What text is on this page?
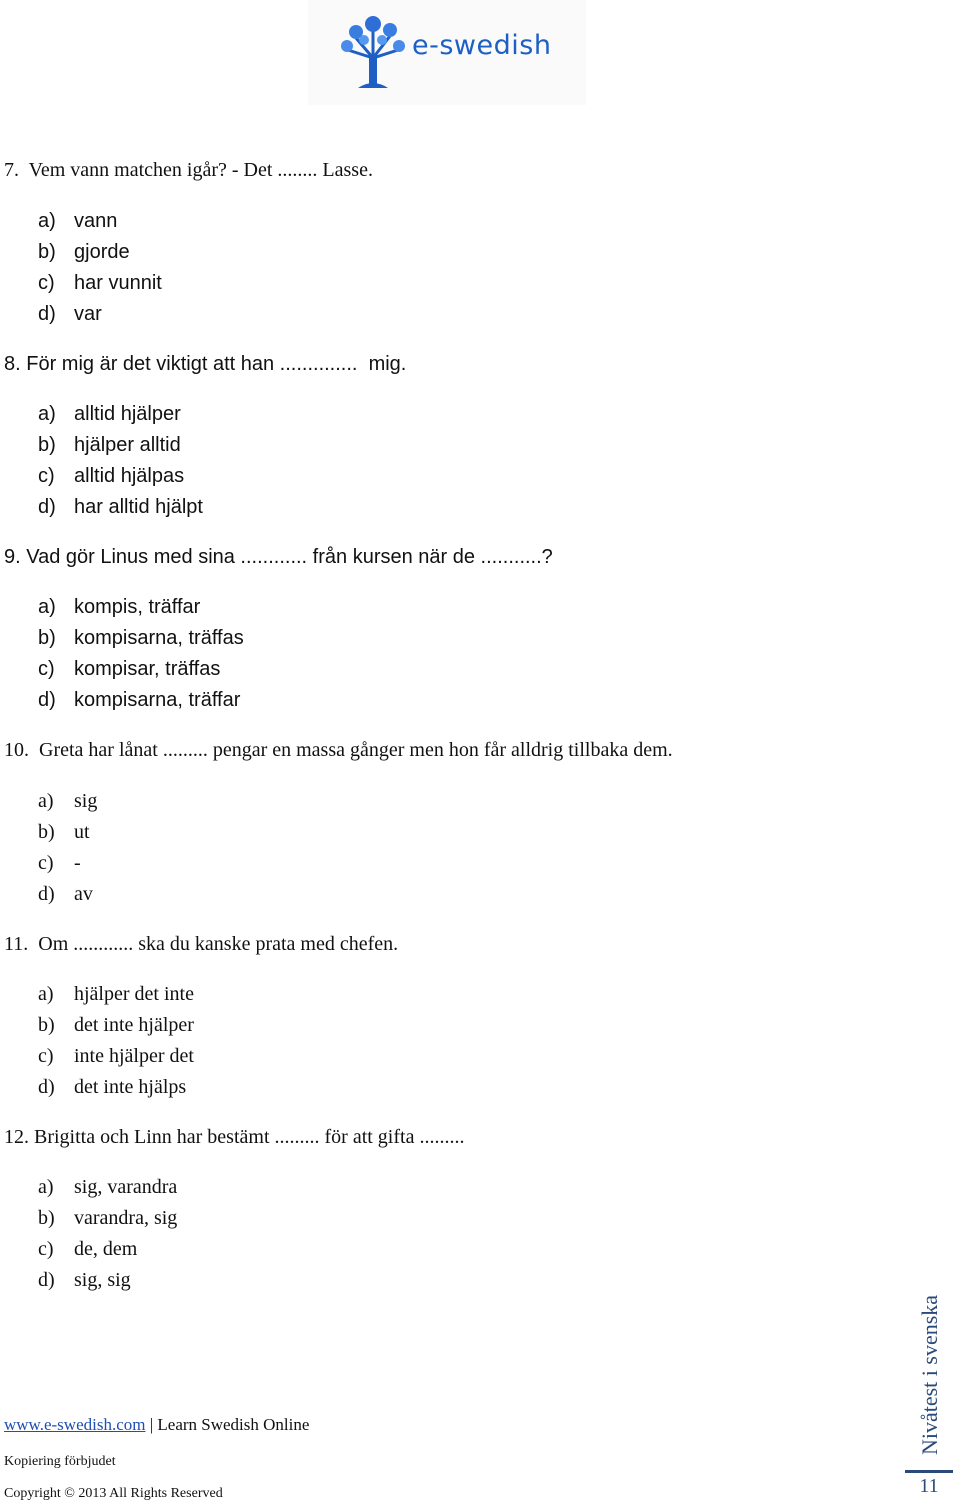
e-swedish
7.  Vem vann matchen igår? - Det ........ Lasse.
a) vann
b) gjorde
c) har vunnit
d) var
8. För mig är det viktigt att han ..............  mig.
a) alltid hjälper
b) hjälper alltid
c) alltid hjälpas
d) har alltid hjälpt
9. Vad gör Linus med sina ............ från kursen när de ...........?
a) kompis, träffar
b) kompisarna, träffas
c) kompisar, träffas
d) kompisarna, träffar
10.  Greta har lånat ......... pengar en massa gånger men hon får alldrig tillbaka dem.
a) sig
b) ut
c) -
d) av
11.  Om ............ ska du kanske prata med chefen.
a) hjälper det inte
b) det inte hjälper
c) inte hjälper det
d) det inte hjälps
12. Brigitta och Linn har bestämt ......... för att gifta .........
a) sig, varandra
b) varandra, sig
c) de, dem
d) sig, sig
www.e-swedish.com | Learn Swedish Online
Kopiering förbjudet
Copyright © 2013 All Rights Reserved
Nivåtest i svenska
11
